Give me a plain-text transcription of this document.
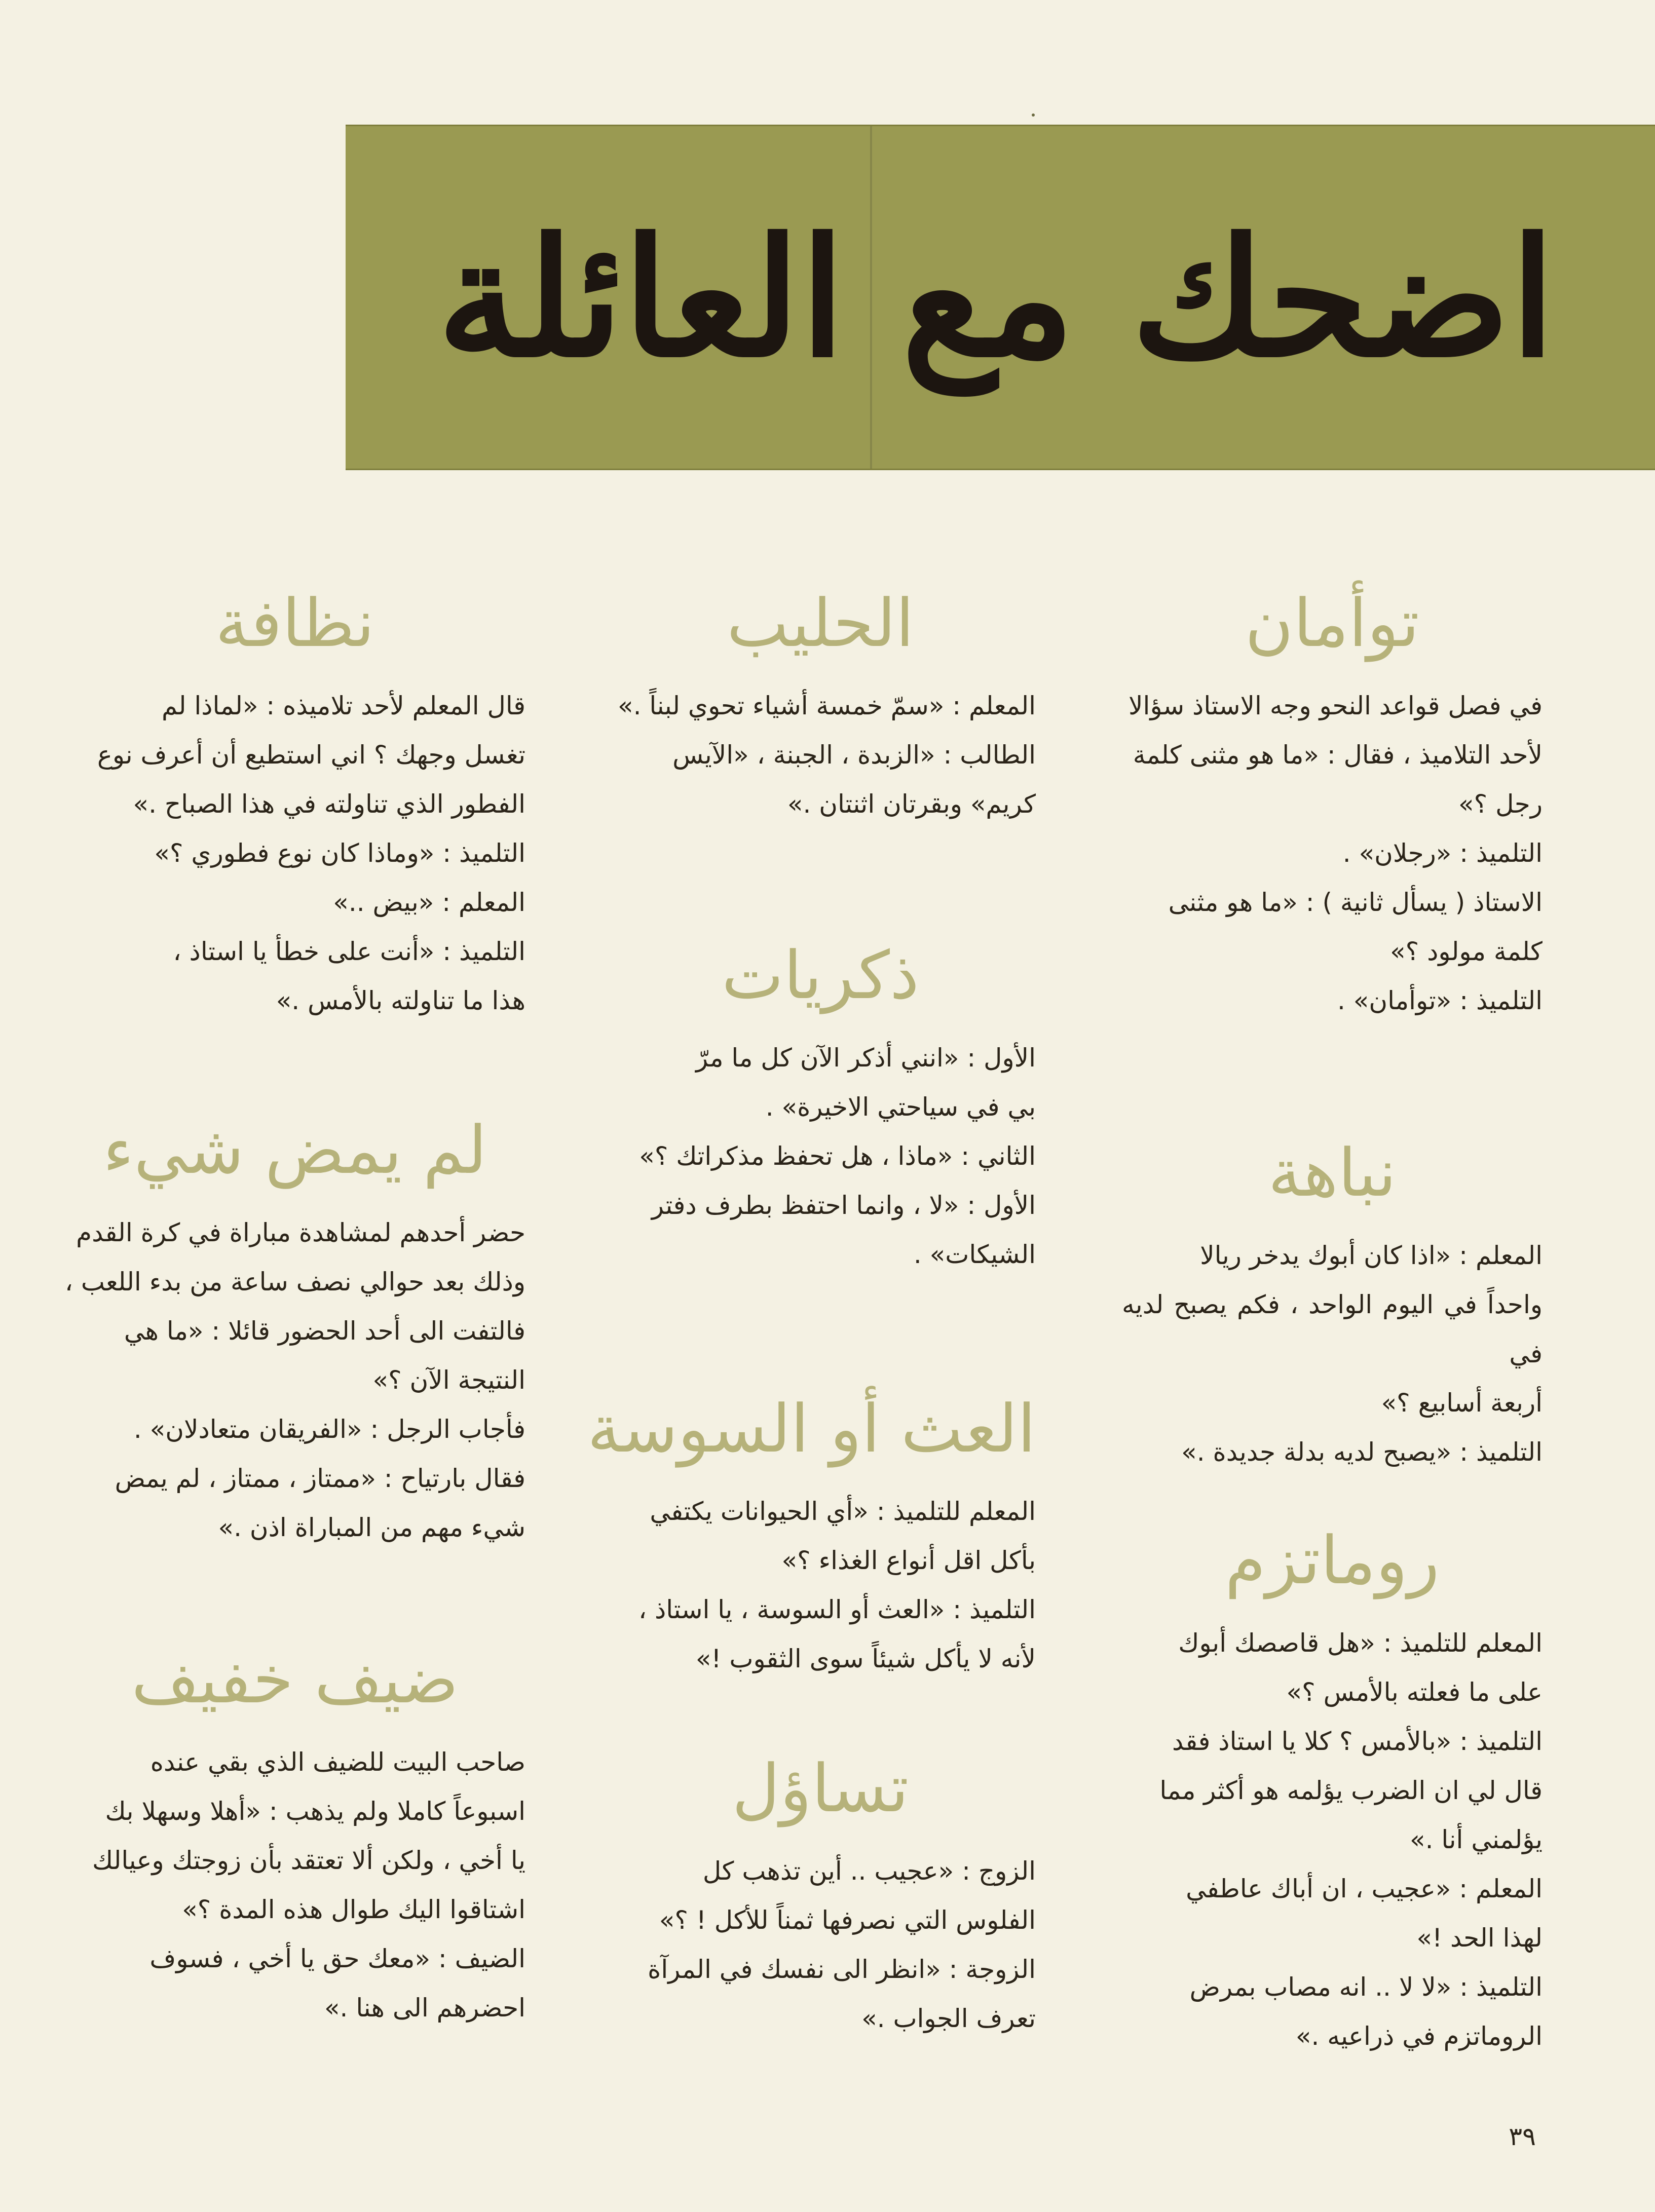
اضحك مع العائلة
توأمان

في فصل قواعد النحو وجه الاستاذ سؤالا

لأحد التلاميذ ، فقال : «ما هو مثنى كلمة

رجل ؟»

التلميذ : «رجلان» .

الاستاذ ( يسأل ثانية ) : «ما هو مثنى

كلمة مولود ؟»

التلميذ : «توأمان» .

نباهة

المعلم : «اذا كان أبوك يدخر ريالا

واحداً في اليوم الواحد ، فكم يصبح لديه في

أربعة أسابيع ؟»

التلميذ : «يصبح لديه بدلة جديدة .»

روماتزم

المعلم للتلميذ : «هل قاصصك أبوك

على ما فعلته بالأمس ؟»

التلميذ : «بالأمس ؟ كلا يا استاذ فقد

قال لي ان الضرب يؤلمه هو أكثر مما

يؤلمني أنا .»

المعلم : «عجيب ، ان أباك عاطفي

لهذا الحد !»

التلميذ : «لا لا .. انه مصاب بمرض

الروماتزم في ذراعيه .»

الحليب

المعلم : «سمّ خمسة أشياء تحوي لبناً .»

الطالب : «الزبدة ، الجبنة ، «الآيس

كريم» وبقرتان اثنتان .»

ذكريات

الأول : «انني أذكر الآن كل ما مرّ

بي في سياحتي الاخيرة» .

الثاني : «ماذا ، هل تحفظ مذكراتك ؟»

الأول : «لا ، وانما احتفظ بطرف دفتر

الشيكات» .

العث أو السوسة

المعلم للتلميذ : «أي الحيوانات يكتفي

بأكل اقل أنواع الغذاء ؟»

التلميذ : «العث أو السوسة ، يا استاذ ،

لأنه لا يأكل شيئاً سوى الثقوب !»

تساؤل

الزوج : «عجيب .. أين تذهب كل

الفلوس التي نصرفها ثمناً للأكل ! ؟»

الزوجة : «انظر الى نفسك في المرآة

تعرف الجواب .»

نظافة

قال المعلم لأحد تلاميذه : «لماذا لم

تغسل وجهك ؟ اني استطيع أن أعرف نوع

الفطور الذي تناولته في هذا الصباح .»

التلميذ : «وماذا كان نوع فطوري ؟»

المعلم : «بيض ..»

التلميذ : «أنت على خطأ يا استاذ ،

هذا ما تناولته بالأمس .»

لم يمض شيء

حضر أحدهم لمشاهدة مباراة في كرة القدم

وذلك بعد حوالي نصف ساعة من بدء اللعب ،

فالتفت الى أحد الحضور قائلا : «ما هي

النتيجة الآن ؟»

فأجاب الرجل : «الفريقان متعادلان» .

فقال بارتياح : «ممتاز ، ممتاز ، لم يمض

شيء مهم من المباراة اذن .»

ضيف خفيف

صاحب البيت للضيف الذي بقي عنده

اسبوعاً كاملا ولم يذهب : «أهلا وسهلا بك

يا أخي ، ولكن ألا تعتقد بأن زوجتك وعيالك

اشتاقوا اليك طوال هذه المدة ؟»

الضيف : «معك حق يا أخي ، فسوف

احضرهم الى هنا .»

٣٩
